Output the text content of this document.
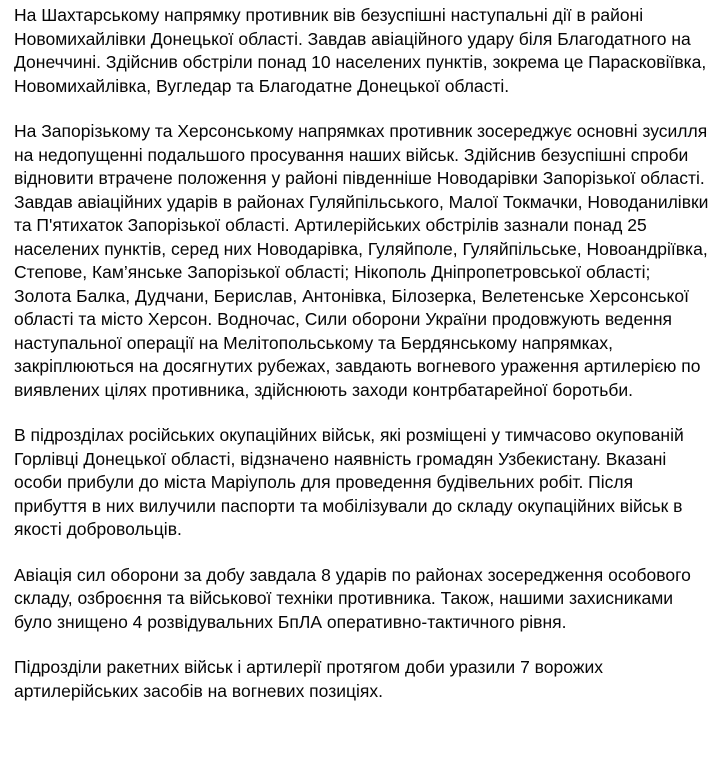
На Шахтарському напрямку противник вів безуспішні наступальні дії в районі Новомихайлівки Донецької області. Завдав авіаційного удару біля Благодатного на Донеччині. Здійснив обстріли понад 10 населених пунктів, зокрема це Парасковіївка, Новомихайлівка, Вугледар та Благодатне Донецької області.

На Запорізькому та Херсонському напрямках противник зосереджує основні зусилля на недопущенні подальшого просування наших військ. Здійснив безуспішні спроби відновити втрачене положення у районі південніше Новодарівки Запорізької області. Завдав авіаційних ударів в районах Гуляйпільського, Малої Токмачки, Новоданилівки та П'ятихаток Запорізької області. Артилерійських обстрілів зазнали понад 25 населених пунктів, серед них Новодарівка, Гуляйполе, Гуляйпільське, Новоандріївка, Степове, Кам’янське Запорізької області; Нікополь Дніпропетровської області; Золота Балка, Дудчани, Берислав, Антонівка, Білозерка, Велетенське Херсонської області та місто Херсон. Водночас, Сили оборони України продовжують ведення наступальної операції на Мелітопольському та Бердянському напрямках, закріплюються на досягнутих рубежах, завдають вогневого ураження артилерією по виявлених цілях противника, здійснюють заходи контрбатарейної боротьби.

В підрозділах російських окупаційних військ, які розміщені у тимчасово окупованій Горлівці Донецької області, відзначено наявність громадян Узбекистану. Вказані особи прибули до міста Маріуполь для проведення будівельних робіт. Після прибуття в них вилучили паспорти та мобілізували до складу окупаційних військ в якості добровольців.

Авіація сил оборони за добу завдала 8 ударів по районах зосередження особового складу, озброєння та військової техніки противника. Також, нашими захисниками було знищено 4 розвідувальних БпЛА оперативно-тактичного рівня.

Підрозділи ракетних військ і артилерії протягом доби уразили 7 ворожих артилерійських засобів на вогневих позиціях.
